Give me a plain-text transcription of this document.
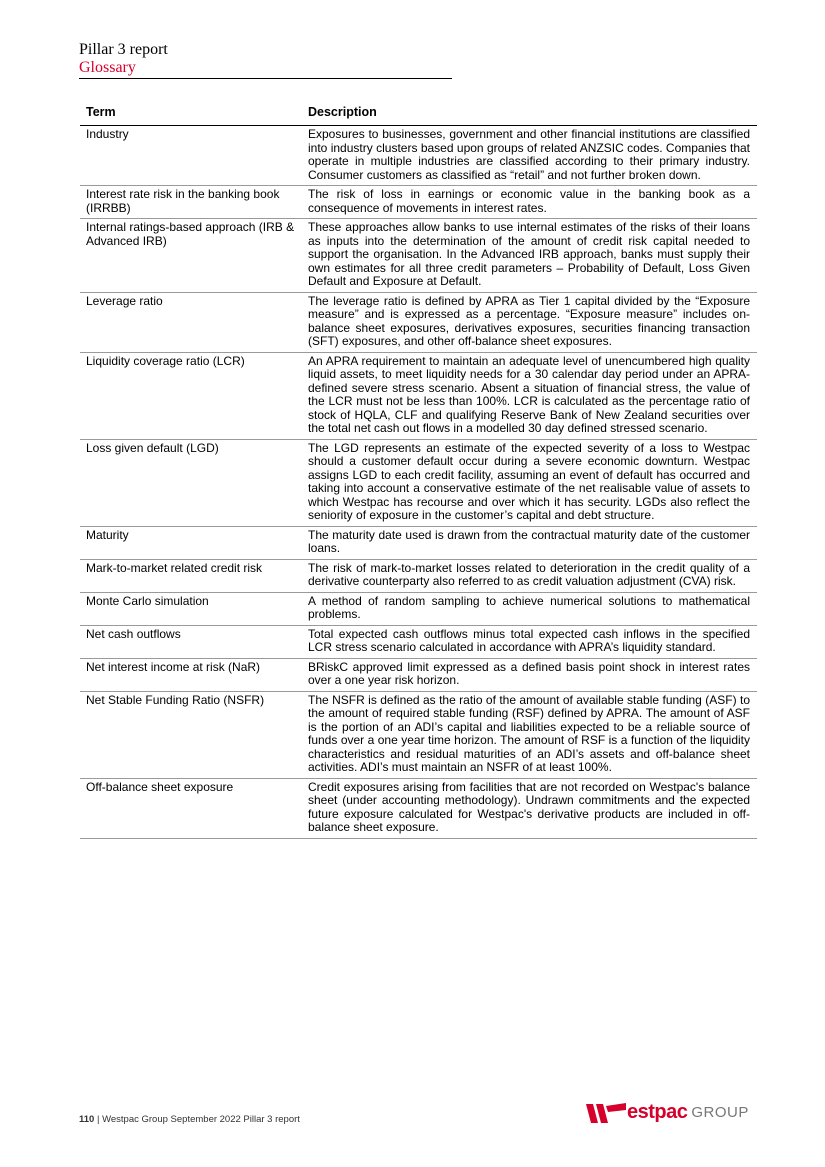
Pillar 3 report
Glossary
Term	Description
Industry	Exposures to businesses, government and other financial institutions are classified into industry clusters based upon groups of related ANZSIC codes. Companies that operate in multiple industries are classified according to their primary industry. Consumer customers as classified as “retail” and not further broken down.
Interest rate risk in the banking book (IRRBB)	The risk of loss in earnings or economic value in the banking book as a consequence of movements in interest rates.
Internal ratings-based approach (IRB & Advanced IRB)	These approaches allow banks to use internal estimates of the risks of their loans as inputs into the determination of the amount of credit risk capital needed to support the organisation. In the Advanced IRB approach, banks must supply their own estimates for all three credit parameters – Probability of Default, Loss Given Default and Exposure at Default.
Leverage ratio	The leverage ratio is defined by APRA as Tier 1 capital divided by the “Exposure measure” and is expressed as a percentage. “Exposure measure” includes on-balance sheet exposures, derivatives exposures, securities financing transaction (SFT) exposures, and other off-balance sheet exposures.
Liquidity coverage ratio (LCR)	An APRA requirement to maintain an adequate level of unencumbered high quality liquid assets, to meet liquidity needs for a 30 calendar day period under an APRA-defined severe stress scenario. Absent a situation of financial stress, the value of the LCR must not be less than 100%. LCR is calculated as the percentage ratio of stock of HQLA, CLF and qualifying Reserve Bank of New Zealand securities over the total net cash out flows in a modelled 30 day defined stressed scenario.
Loss given default (LGD)	The LGD represents an estimate of the expected severity of a loss to Westpac should a customer default occur during a severe economic downturn. Westpac assigns LGD to each credit facility, assuming an event of default has occurred and taking into account a conservative estimate of the net realisable value of assets to which Westpac has recourse and over which it has security. LGDs also reflect the seniority of exposure in the customer’s capital and debt structure.
Maturity	The maturity date used is drawn from the contractual maturity date of the customer loans.
Mark-to-market related credit risk	The risk of mark-to-market losses related to deterioration in the credit quality of a derivative counterparty also referred to as credit valuation adjustment (CVA) risk.
Monte Carlo simulation	A method of random sampling to achieve numerical solutions to mathematical problems.
Net cash outflows	Total expected cash outflows minus total expected cash inflows in the specified LCR stress scenario calculated in accordance with APRA’s liquidity standard.
Net interest income at risk (NaR)	BRiskC approved limit expressed as a defined basis point shock in interest rates over a one year risk horizon.
Net Stable Funding Ratio (NSFR)	The NSFR is defined as the ratio of the amount of available stable funding (ASF) to the amount of required stable funding (RSF) defined by APRA. The amount of ASF is the portion of an ADI’s capital and liabilities expected to be a reliable source of funds over a one year time horizon. The amount of RSF is a function of the liquidity characteristics and residual maturities of an ADI’s assets and off-balance sheet activities. ADI’s must maintain an NSFR of at least 100%.
Off-balance sheet exposure	Credit exposures arising from facilities that are not recorded on Westpac's balance sheet (under accounting methodology). Undrawn commitments and the expected future exposure calculated for Westpac's derivative products are included in off-balance sheet exposure.
110 | Westpac Group September 2022 Pillar 3 report	estpac GROUP
